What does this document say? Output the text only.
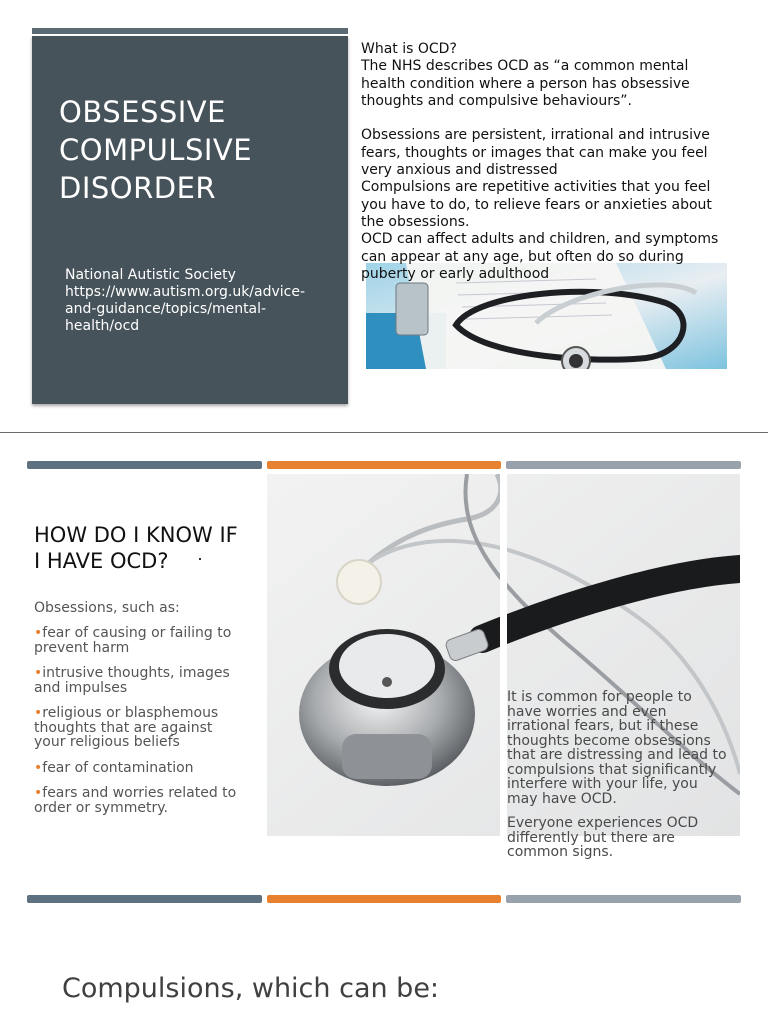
OBSESSIVE
COMPULSIVE
DISORDER
National Autistic Society
https://www.autism.org.uk/advice-
and-guidance/topics/mental-
health/ocd

What is OCD?

The NHS describes OCD as “a common mental

health condition where a person has obsessive

thoughts and compulsive behaviours”.

Obsessions are persistent, irrational and intrusive

fears, thoughts or images that can make you feel

very anxious and distressed

Compulsions are repetitive activities that you feel

you have to do, to relieve fears or anxieties about

the obsessions.

OCD can affect adults and children, and symptoms

can appear at any age, but often do so during

puberty or early adulthood

HOW DO I KNOW IF
I HAVE OCD?
Obsessions, such as:
•fear of causing or failing to
prevent harm
•intrusive thoughts, images
and impulses
•religious or blasphemous
thoughts that are against
your religious beliefs
•fear of contamination
•fears and worries related to
order or symmetry.

It is common for people to
have worries and even
irrational fears, but if these
thoughts become obsessions
that are distressing and lead to
compulsions that significantly
interfere with your life, you
may have OCD.

Everyone experiences OCD
differently but there are
common signs.

Compulsions, which can be:
